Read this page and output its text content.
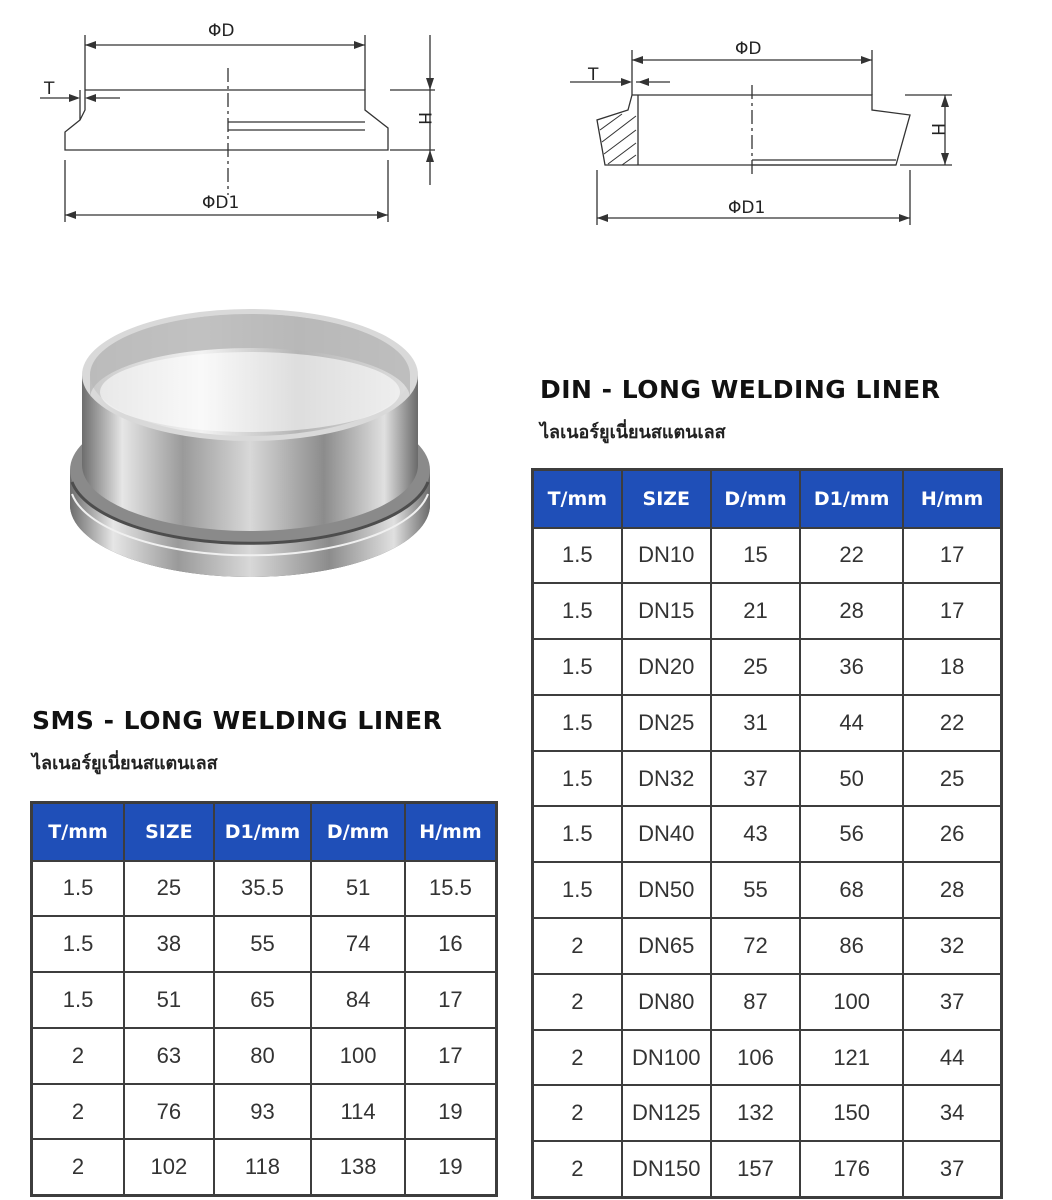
ΦD
ΦD1
T
H
ΦD
ΦD1
T
H
DIN - LONG WELDING LINER

ไลเนอร์ยูเนี่ยนสแตนเลส

T/mm	SIZE	D/mm	D1/mm	H/mm
1.5	DN10	15	22	17
1.5	DN15	21	28	17
1.5	DN20	25	36	18
1.5	DN25	31	44	22
1.5	DN32	37	50	25
1.5	DN40	43	56	26
1.5	DN50	55	68	28
2	DN65	72	86	32
2	DN80	87	100	37
2	DN100	106	121	44
2	DN125	132	150	34
2	DN150	157	176	37
SMS - LONG WELDING LINER

ไลเนอร์ยูเนี่ยนสแตนเลส

T/mm	SIZE	D1/mm	D/mm	H/mm
1.5	25	35.5	51	15.5
1.5	38	55	74	16
1.5	51	65	84	17
2	63	80	100	17
2	76	93	114	19
2	102	118	138	19
